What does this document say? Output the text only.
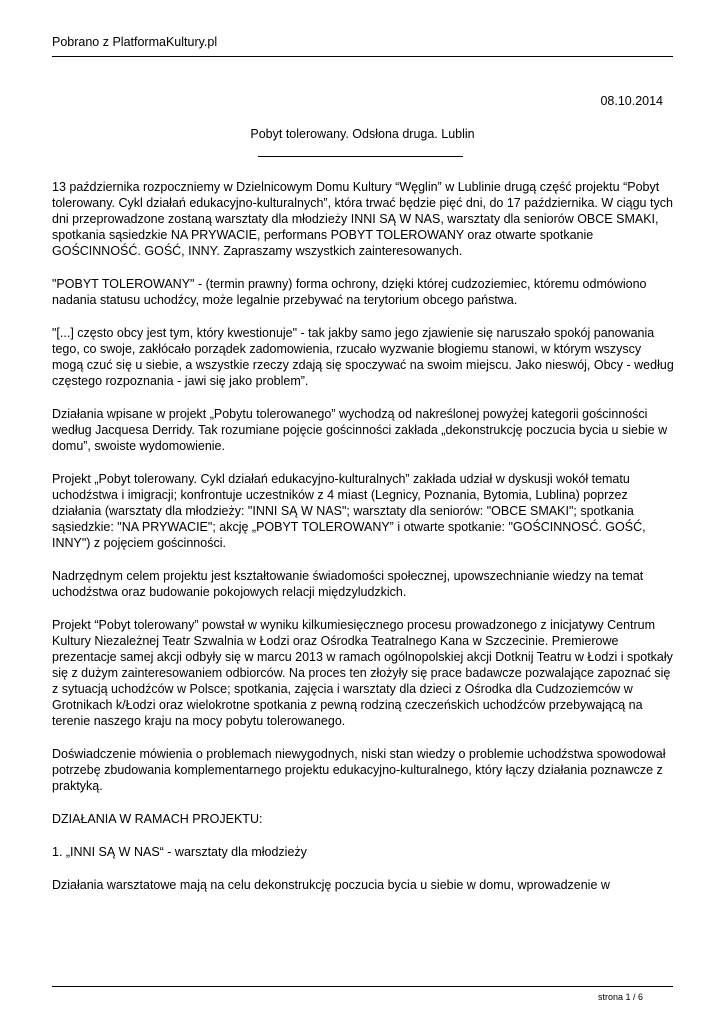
Pobrano z PlatformaKultury.pl
08.10.2014
Pobyt tolerowany. Odsłona druga. Lublin

13 października rozpoczniemy w Dzielnicowym Domu Kultury “Węglin” w Lublinie drugą część projektu “Pobyt tolerowany. Cykl działań edukacyjno-kulturalnych”, która trwać będzie pięć dni, do 17 października. W ciągu tych dni przeprowadzone zostaną warsztaty dla młodzieży INNI SĄ W NAS, warsztaty dla seniorów OBCE SMAKI, spotkania sąsiedzkie NA PRYWACIE, performans POBYT TOLEROWANY oraz otwarte spotkanie GOŚCINNOŚĆ. GOŚĆ, INNY. Zapraszamy wszystkich zainteresowanych.

"POBYT TOLEROWANY" - (termin prawny) forma ochrony, dzięki której cudzoziemiec, któremu odmówiono nadania statusu uchodźcy, może legalnie przebywać na terytorium obcego państwa.

"[...] często obcy jest tym, który kwestionuje" - tak jakby samo jego zjawienie się naruszało spokój panowania tego, co swoje, zakłócało porządek zadomowienia, rzucało wyzwanie błogiemu stanowi, w którym wszyscy mogą czuć się u siebie, a wszystkie rzeczy zdają się spoczywać na swoim miejscu. Jako nieswój, Obcy - według częstego rozpoznania - jawi się jako problem”.

Działania wpisane w projekt „Pobytu tolerowanego” wychodzą od nakreślonej powyżej kategorii gościnności według Jacquesa Derridy. Tak rozumiane pojęcie gościnności zakłada „dekonstrukcję poczucia bycia u siebie w domu”, swoiste wydomowienie.

Projekt „Pobyt tolerowany. Cykl działań edukacyjno-kulturalnych” zakłada udział w dyskusji wokół tematu uchodźstwa i imigracji; konfrontuje uczestników z 4 miast (Legnicy, Poznania, Bytomia, Lublina) poprzez działania (warsztaty dla młodzieży: "INNI SĄ W NAS"; warsztaty dla seniorów: "OBCE SMAKI"; spotkania sąsiedzkie: "NA PRYWACIE"; akcję „POBYT TOLEROWANY” i otwarte spotkanie: "GOŚCINNOSĆ. GOŚĆ, INNY") z pojęciem gościnności.

Nadrzędnym celem projektu jest kształtowanie świadomości społecznej, upowszechnianie wiedzy na temat uchodźstwa oraz budowanie pokojowych relacji międzyludzkich.

Projekt “Pobyt tolerowany” powstał w wyniku kilkumiesięcznego procesu prowadzonego z inicjatywy Centrum Kultury Niezależnej Teatr Szwalnia w Łodzi oraz Ośrodka Teatralnego Kana w Szczecinie. Premierowe prezentacje samej akcji odbyły się w marcu 2013 w ramach ogólnopolskiej akcji Dotknij Teatru w Łodzi i spotkały się z dużym zainteresowaniem odbiorców. Na proces ten złożyły się prace badawcze pozwalające zapoznać się z sytuacją uchodźców w Polsce; spotkania, zajęcia i warsztaty dla dzieci z Ośrodka dla Cudzoziemców w Grotnikach k/Łodzi oraz wielokrotne spotkania z pewną rodziną czeczeńskich uchodźców przebywającą na terenie naszego kraju na mocy pobytu tolerowanego.

Doświadczenie mówienia o problemach niewygodnych, niski stan wiedzy o problemie uchodźstwa spowodował potrzebę zbudowania komplementarnego projektu edukacyjno-kulturalnego, który łączy działania poznawcze z praktyką.

DZIAŁANIA W RAMACH PROJEKTU:

1. „INNI SĄ W NAS“ - warsztaty dla młodzieży

Działania warsztatowe mają na celu dekonstrukcję poczucia bycia u siebie w domu, wprowadzenie w

strona 1 / 6
